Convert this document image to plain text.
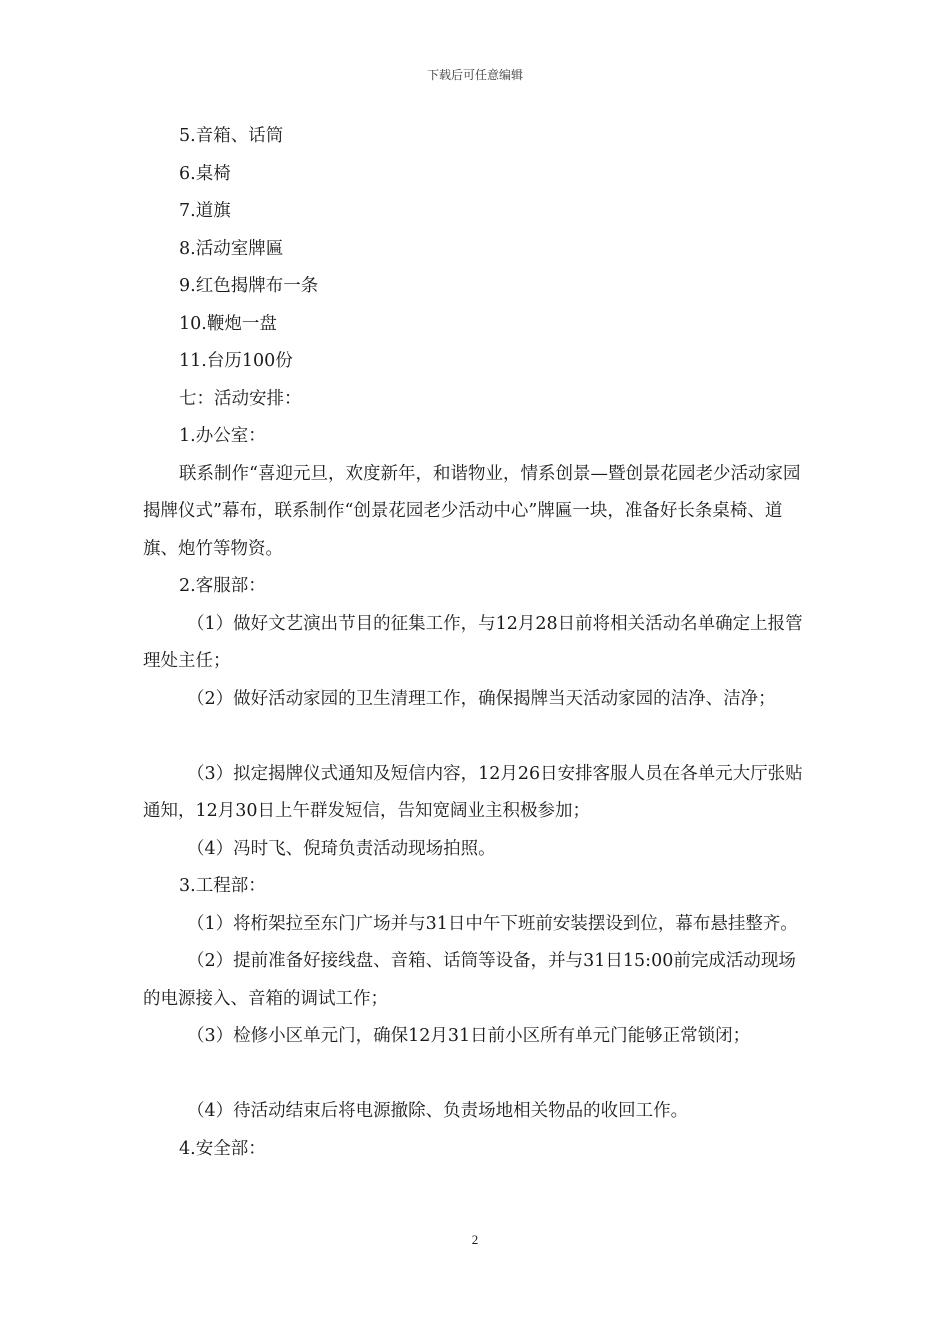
下载后可任意编辑

5.音箱、话筒

6.桌椅

7.道旗

8.活动室牌匾

9.红色揭牌布一条

10.鞭炮一盘

11.台历100份

七：活动安排：

1.办公室：

联系制作“喜迎元旦，欢度新年，和谐物业，情系创景—暨创景花园老少活动家园揭牌仪式”幕布，联系制作“创景花园老少活动中心”牌匾一块，准备好长条桌椅、道旗、炮竹等物资。

2.客服部：

（1）做好文艺演出节目的征集工作，与12月28日前将相关活动名单确定上报管理处主任；

（2）做好活动家园的卫生清理工作，确保揭牌当天活动家园的洁净、洁净；

（3）拟定揭牌仪式通知及短信内容，12月26日安排客服人员在各单元大厅张贴通知，12月30日上午群发短信，告知宽阔业主积极参加；

（4）冯时飞、倪琦负责活动现场拍照。

3.工程部：

（1）将桁架拉至东门广场并与31日中午下班前安装摆设到位，幕布悬挂整齐。

（2）提前准备好接线盘、音箱、话筒等设备，并与31日15:00前完成活动现场的电源接入、音箱的调试工作；

（3）检修小区单元门，确保12月31日前小区所有单元门能够正常锁闭；

（4）待活动结束后将电源撤除、负责场地相关物品的收回工作。

4.安全部：

2
